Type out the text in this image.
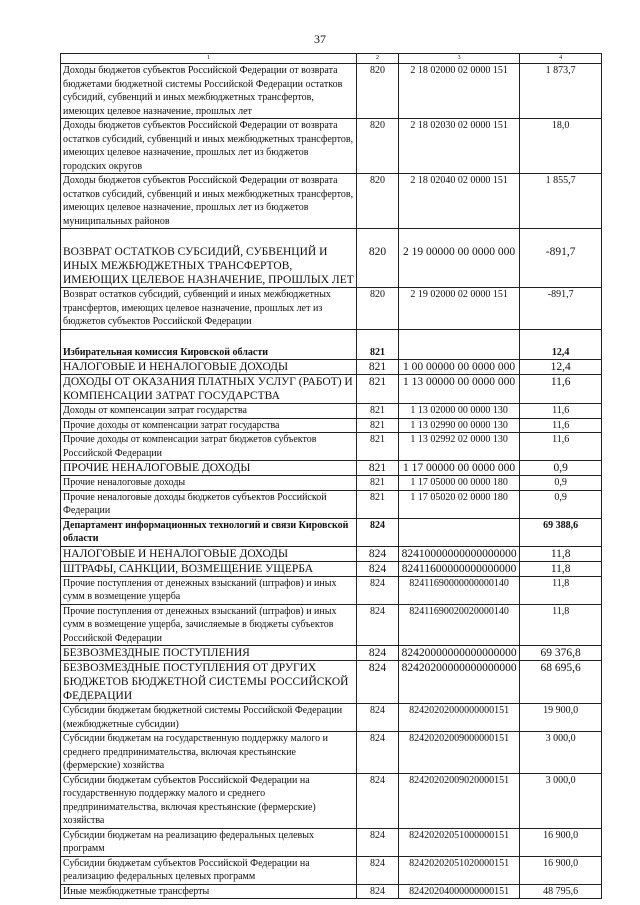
37
1	2	3	4
Доходы бюджетов субъектов Российской Федерации от возврата бюджетами бюджетной системы Российской Федерации остатков субсидий, субвенций и иных межбюджетных трансфертов, имеющих целевое назначение, прошлых лет	820	2 18 02000 02 0000 151	1 873,7
Доходы бюджетов субъектов Российской Федерации от возврата остатков субсидий, субвенций и иных межбюджетных трансфертов, имеющих целевое назначение, прошлых лет из бюджетов городских округов	820	2 18 02030 02 0000 151	18,0
Доходы бюджетов субъектов Российской Федерации от возврата остатков субсидий, субвенций и иных межбюджетных трансфертов, имеющих целевое назначение, прошлых лет из бюджетов муниципальных районов	820	2 18 02040 02 0000 151	1 855,7
ВОЗВРАТ ОСТАТКОВ СУБСИДИЙ, СУБВЕНЦИЙ И ИНЫХ МЕЖБЮДЖЕТНЫХ ТРАНСФЕРТОВ, ИМЕЮЩИХ ЦЕЛЕВОЕ НАЗНАЧЕНИЕ, ПРОШЛЫХ ЛЕТ	820	2 19 00000 00 0000 000	-891,7
Возврат остатков субсидий, субвенций и иных межбюджетных трансфертов, имеющих целевое назначение, прошлых лет из бюджетов субъектов Российской Федерации	820	2 19 02000 02 0000 151	-891,7
Избирательная комиссия Кировской области	821		12,4
НАЛОГОВЫЕ И НЕНАЛОГОВЫЕ ДОХОДЫ	821	1 00 00000 00 0000 000	12,4
ДОХОДЫ ОТ ОКАЗАНИЯ ПЛАТНЫХ УСЛУГ (РАБОТ) И КОМПЕНСАЦИИ ЗАТРАТ ГОСУДАРСТВА	821	1 13 00000 00 0000 000	11,6
Доходы от компенсации затрат государства	821	1 13 02000 00 0000 130	11,6
Прочие доходы от компенсации затрат государства	821	1 13 02990 00 0000 130	11,6
Прочие доходы от компенсации затрат бюджетов субъектов Российской Федерации	821	1 13 02992 02 0000 130	11,6
ПРОЧИЕ НЕНАЛОГОВЫЕ ДОХОДЫ	821	1 17 00000 00 0000 000	0,9
Прочие неналоговые доходы	821	1 17 05000 00 0000 180	0,9
Прочие неналоговые доходы бюджетов субъектов Российской Федерации	821	1 17 05020 02 0000 180	0,9
Департамент информационных технологий и связи Кировской области	824		69 388,6
НАЛОГОВЫЕ И НЕНАЛОГОВЫЕ ДОХОДЫ	824	82410000000000000000	11,8
ШТРАФЫ, САНКЦИИ, ВОЗМЕЩЕНИЕ УЩЕРБА	824	82411600000000000000	11,8
Прочие поступления от денежных взысканий (штрафов) и иных сумм в возмещение ущерба	824	82411690000000000140	11,8
Прочие поступления от денежных взысканий (штрафов) и иных сумм в возмещение ущерба, зачисляемые в бюджеты субъектов Российской Федерации	824	82411690020020000140	11,8
БЕЗВОЗМЕЗДНЫЕ ПОСТУПЛЕНИЯ	824	82420000000000000000	69 376,8
БЕЗВОЗМЕЗДНЫЕ ПОСТУПЛЕНИЯ ОТ ДРУГИХ БЮДЖЕТОВ БЮДЖЕТНОЙ СИСТЕМЫ РОССИЙСКОЙ ФЕДЕРАЦИИ	824	82420200000000000000	68 695,6
Субсидии бюджетам бюджетной системы Российской Федерации (межбюджетные субсидии)	824	82420202000000000151	19 900,0
Субсидии бюджетам на государственную поддержку малого и среднего предпринимательства, включая крестьянские (фермерские) хозяйства	824	82420202009000000151	3 000,0
Субсидии бюджетам субъектов Российской Федерации на государственную поддержку малого и среднего предпринимательства, включая крестьянские (фермерские) хозяйства	824	82420202009020000151	3 000,0
Субсидии бюджетам на реализацию федеральных целевых программ	824	82420202051000000151	16 900,0
Субсидии бюджетам субъектов Российской Федерации на реализацию федеральных целевых программ	824	82420202051020000151	16 900,0
Иные межбюджетные трансферты	824	82420204000000000151	48 795,6
